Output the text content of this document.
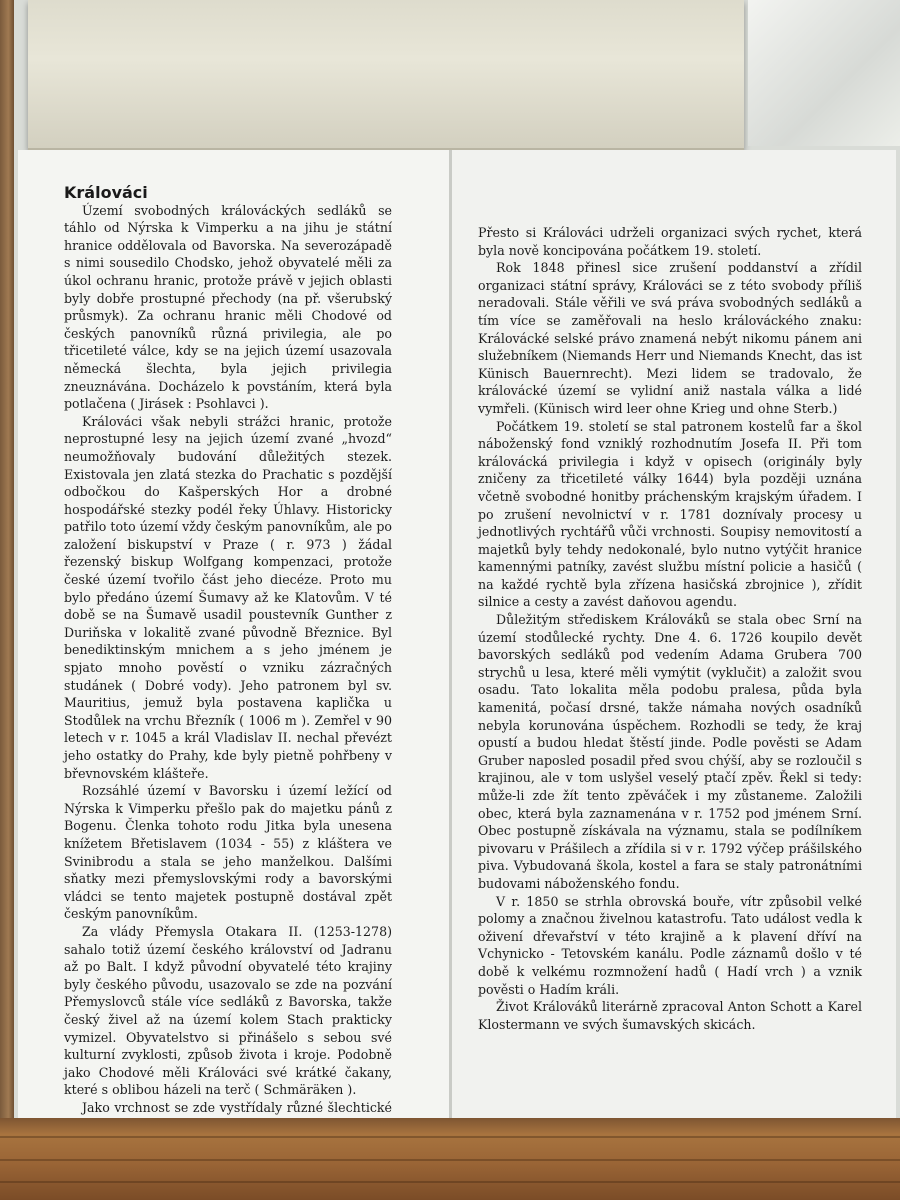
Králováci

Území svobodných králováckých sedláků se táhlo od Nýrska k Vimperku a na jihu je státní hranice oddělovala od Bavorska. Na severozápadě s nimi sousedilo Chodsko, jehož obyvatelé měli za úkol ochranu hranic, protože právě v jejich oblasti byly dobře prostupné přechody (na př. všerubský průsmyk). Za ochranu hranic měli Chodové od českých panovníků různá privilegia, ale po třicetileté válce, kdy se na jejich území usazovala německá šlechta, byla jejich privilegia zneuznávána. Docházelo k povstáním, která byla potlačena ( Jirásek : Psohlavci ).

Králováci však nebyli strážci hranic, protože neprostupné lesy na jejich území zvané „hvozd“ neumožňovaly budování důležitých stezek. Existovala jen zlatá stezka do Prachatic s pozdější odbočkou do Kašperských Hor a drobné hospodářské stezky podél řeky Úhlavy. Historicky patřilo toto území vždy českým panovníkům, ale po založení biskupství v Praze ( r. 973 ) žádal řezenský biskup Wolfgang kompenzaci, protože české území tvořilo část jeho diecéze. Proto mu bylo předáno území Šumavy až ke Klatovům. V té době se na Šumavě usadil poustevník Gunther z Duriňska v lokalitě zvané původně Březnice. Byl benediktinským mnichem a s jeho jménem je spjato mnoho pověstí o vzniku zázračných studánek ( Dobré vody). Jeho patronem byl sv. Mauritius, jemuž byla postavena kaplička u Stodůlek na vrchu Březník ( 1006 m ). Zemřel v 90 letech v r. 1045 a král Vladislav II. nechal převézt jeho ostatky do Prahy, kde byly pietně pohřbeny v břevnovském klášteře.

Rozsáhlé území v Bavorsku i území ležící od Nýrska k Vimperku přešlo pak do majetku pánů z Bogenu. Členka tohoto rodu Jitka byla unesena knížetem Břetislavem (1034 - 55) z kláštera ve Svinibrodu a stala se jeho manželkou. Dalšími sňatky mezi přemyslovskými rody a bavorskými vládci se tento majetek postupně dostával zpět českým panovníkům.

Za vlády Přemysla Otakara II. (1253-1278) sahalo totiž území českého království od Jadranu až po Balt. I když původní obyvatelé této krajiny byly českého původu, usazovalo se zde na pozvání Přemyslovců stále více sedláků z Bavorska, takže český živel až na území kolem Stach prakticky vymizel. Obyvatelstvo si přinášelo s sebou své kulturní zvyklosti, způsob života i kroje. Podobně jako Chodové měli Králováci své krátké čakany, které s oblibou házeli na terč ( Schmäräken ).

Jako vrchnost se zde vystřídaly různé šlechtické

Přesto si Králováci udrželi organizaci svých rychet, která byla nově koncipována počátkem 19. století.

Rok 1848 přinesl sice zrušení poddanství a zřídil organizaci státní správy, Králováci se z této svobody příliš neradovali. Stále věřili ve svá práva svobodných sedláků a tím více se zaměřovali na heslo králováckého znaku: Královácké selské právo znamená nebýt nikomu pánem ani služebníkem (Niemands Herr und Niemands Knecht, das ist Künisch Bauernrecht). Mezi lidem se tradovalo, že královácké území se vylidní aniž nastala válka a lidé vymřeli. (Künisch wird leer ohne Krieg und ohne Sterb.)

Počátkem 19. století se stal patronem kostelů far a škol náboženský fond vzniklý rozhodnutím Josefa II. Při tom královácká privilegia i když v opisech (originály byly zničeny za třicetileté války 1644) byla později uznána včetně svobodné honitby práchenským krajským úřadem. I po zrušení nevolnictví v r. 1781 doznívaly procesy u jednotlivých rychtářů vůči vrchnosti. Soupisy nemovitostí a majetků byly tehdy nedokonalé, bylo nutno vytýčit hranice kamennými patníky, zavést službu místní policie a hasičů ( na každé rychtě byla zřízena hasičská zbrojnice ), zřídit silnice a cesty a zavést daňovou agendu.

Důležitým střediskem Králováků se stala obec Srní na území stodůlecké rychty. Dne 4. 6. 1726 koupilo devět bavorských sedláků pod vedením Adama Grubera 700 strychů u lesa, které měli vymýtit (vyklučit) a založit svou osadu. Tato lokalita měla podobu pralesa, půda byla kamenitá, počasí drsné, takže námaha nových osadníků nebyla korunována úspěchem. Rozhodli se tedy, že kraj opustí a budou hledat štěstí jinde. Podle pověsti se Adam Gruber naposled posadil před svou chýší, aby se rozloučil s krajinou, ale v tom uslyšel veselý ptačí zpěv. Řekl si tedy: může-li zde žít tento zpěváček i my zůstaneme. Založili obec, která byla zaznamenána v r. 1752 pod jménem Srní. Obec postupně získávala na významu, stala se podílníkem pivovaru v Prášilech a zřídila si v r. 1792 výčep prášilského piva. Vybudovaná škola, kostel a fara se staly patronátními budovami náboženského fondu.

V r. 1850 se strhla obrovská bouře, vítr způsobil velké polomy a značnou živelnou katastrofu. Tato událost vedla k oživení dřevařství v této krajině a k plavení dříví na Vchynicko - Tetovském kanálu. Podle záznamů došlo v té době k velkému rozmnožení hadů ( Hadí vrch ) a vznik pověsti o Hadím králi.

Život Králováků literárně zpracoval Anton Schott a Karel Klostermann ve svých šumavských skicách.
